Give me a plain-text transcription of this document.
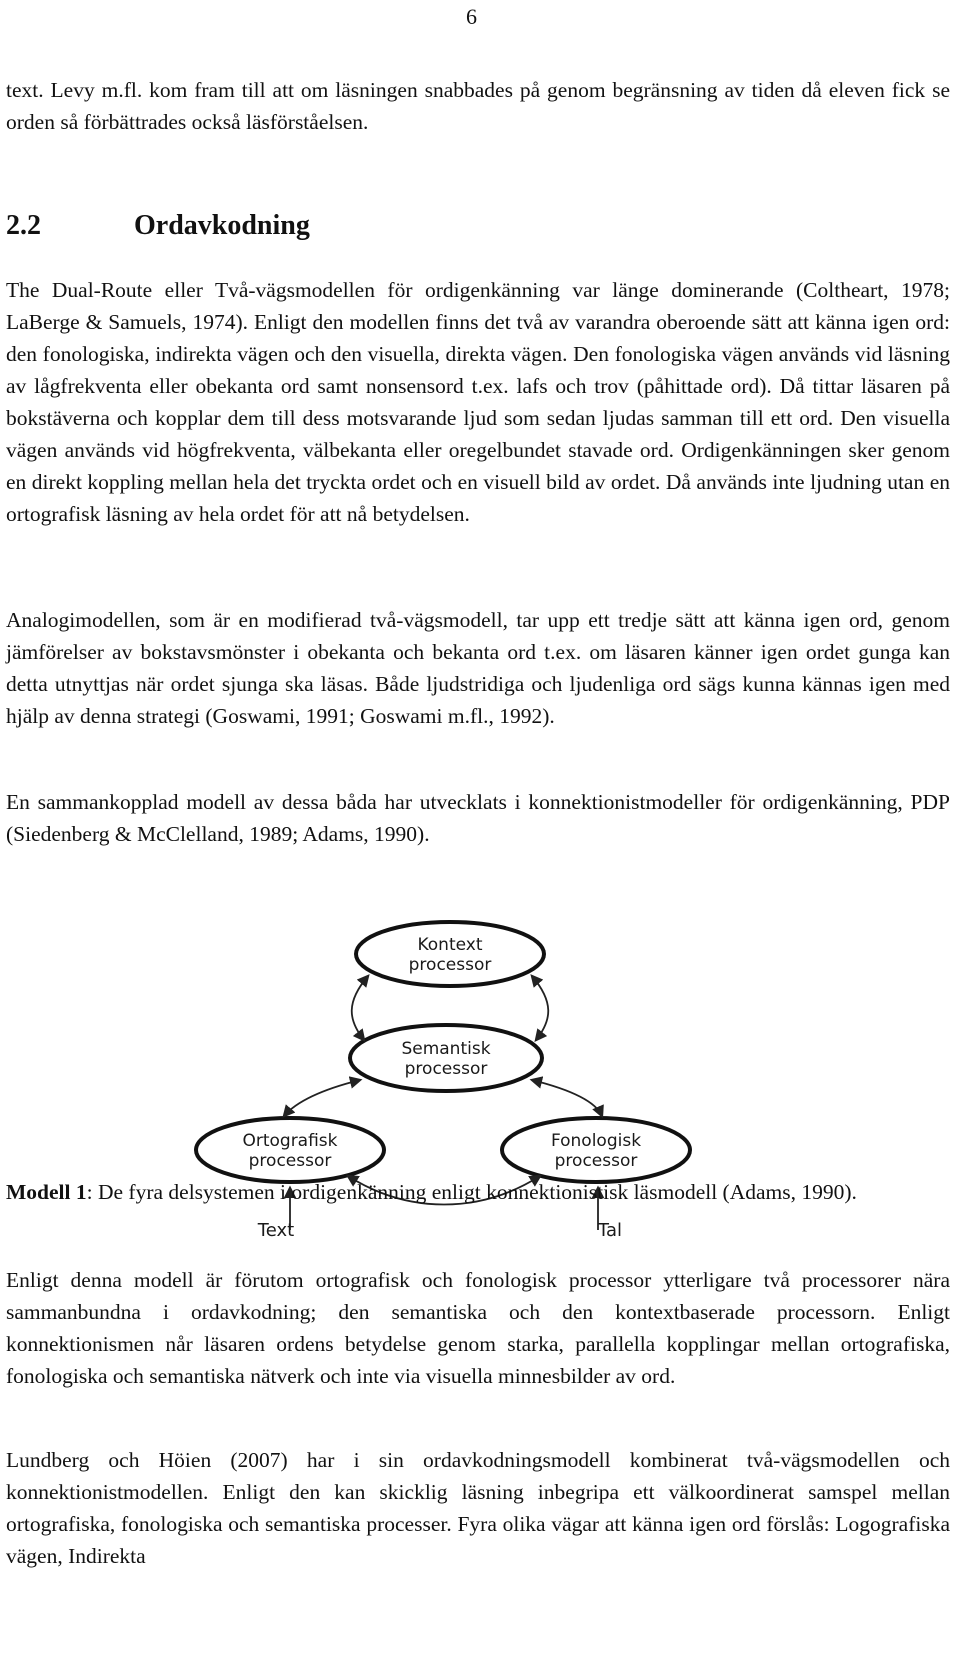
6

text. Levy m.fl. kom fram till att om läsningen snabbades på genom begränsning av tiden då eleven fick se orden så förbättrades också läsförståelsen.

2.2	Ordavkodning

The Dual-Route eller Två-vägsmodellen för ordigenkänning var länge dominerande (Coltheart, 1978; LaBerge & Samuels, 1974). Enligt den modellen finns det två av varandra oberoende sätt att känna igen ord: den fonologiska, indirekta vägen och den visuella, direkta vägen. Den fonologiska vägen används vid läsning av lågfrekventa eller obekanta ord samt nonsensord t.ex. lafs och trov (påhittade ord). Då tittar läsaren på bokstäverna och kopplar dem till dess motsvarande ljud som sedan ljudas samman till ett ord. Den visuella vägen används vid högfrekventa, välbekanta eller oregelbundet stavade ord. Ordigenkänningen sker genom en direkt koppling mellan hela det tryckta ordet och en visuell bild av ordet. Då används inte ljudning utan en ortografisk läsning av hela ordet för att nå betydelsen.

Analogimodellen, som är en modifierad två-vägsmodell, tar upp ett tredje sätt att känna igen ord, genom jämförelser av bokstavsmönster i obekanta och bekanta ord t.ex. om läsaren känner igen ordet gunga kan detta utnyttjas när ordet sjunga ska läsas. Både ljudstridiga och ljudenliga ord sägs kunna kännas igen med hjälp av denna strategi (Goswami, 1991; Goswami m.fl., 1992).

En sammankopplad modell av dessa båda har utvecklats i konnektionistmodeller för ordigenkänning, PDP (Siedenberg & McClelland, 1989; Adams, 1990).

Kontext
processor
Semantisk
processor
Ortografisk
processor
Fonologisk
processor
Text	Tal

Modell 1: De fyra delsystemen i ordigenkänning enligt konnektionistisk läsmodell (Adams, 1990).

Enligt denna modell är förutom ortografisk och fonologisk processor ytterligare två processorer nära sammanbundna i ordavkodning; den semantiska och den kontextbaserade processorn. Enligt konnektionismen når läsaren ordens betydelse genom starka, parallella kopplingar mellan ortografiska, fonologiska och semantiska nätverk och inte via visuella minnesbilder av ord.

Lundberg och Höien (2007) har i sin ordavkodningsmodell kombinerat två-vägsmodellen och konnektionistmodellen. Enligt den kan skicklig läsning inbegripa ett välkoordinerat samspel mellan ortografiska, fonologiska och semantiska processer. Fyra olika vägar att känna igen ord förslås: Logografiska vägen, Indirekta
